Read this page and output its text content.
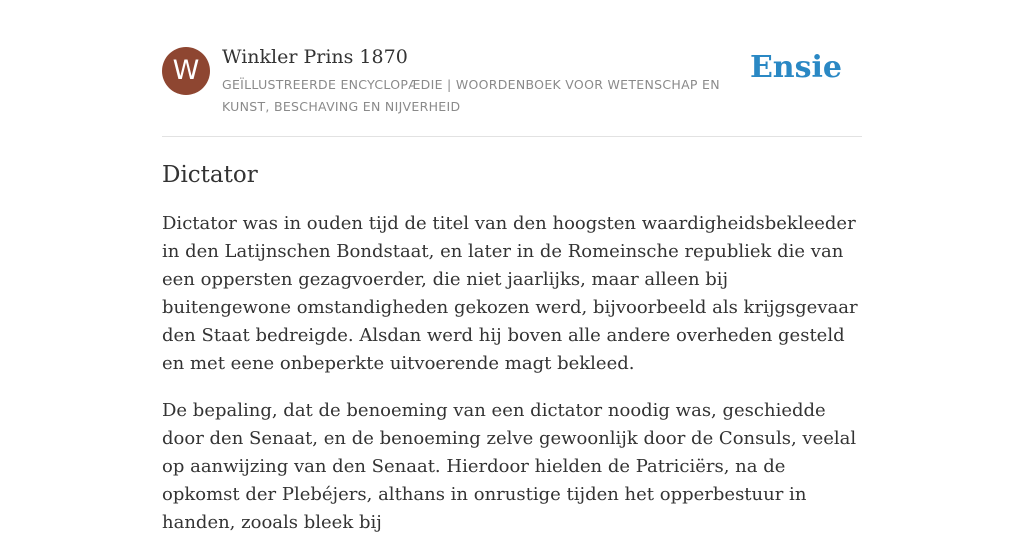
W	Winkler Prins 1870
GEÏLLUSTREERDE ENCYCLOPÆDIE | WOORDENBOEK VOOR WETENSCHAP EN KUNST, BESCHAVING EN NIJVERHEID
Ensie
Dictator

Dictator was in ouden tijd de titel van den hoogsten waardigheidsbekleeder in den Latijnschen Bondstaat, en later in de Romeinsche republiek die van een oppersten gezagvoerder, die niet jaarlijks, maar alleen bij buitengewone omstandigheden gekozen werd, bijvoorbeeld als krijgsgevaar den Staat bedreigde. Alsdan werd hij boven alle andere overheden gesteld en met eene onbeperkte uitvoerende magt bekleed.

De bepaling, dat de benoeming van een dictator noodig was, geschiedde door den Senaat, en de benoeming zelve gewoonlijk door de Consuls, veelal op aanwijzing van den Senaat. Hierdoor hielden de Patriciërs, na de opkomst der Plebéjers, althans in onrustige tijden het opperbestuur in handen, zooals bleek bij
